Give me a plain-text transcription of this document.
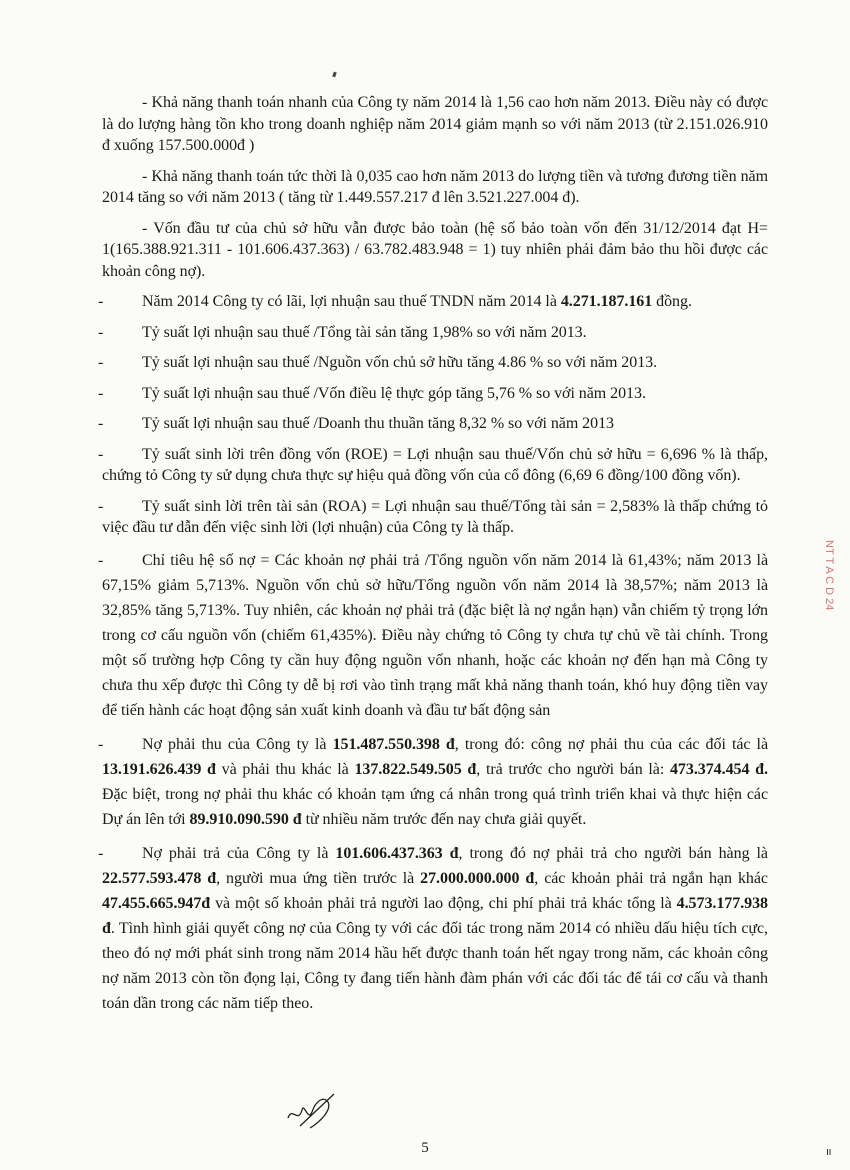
- Khả năng thanh toán nhanh của Công ty năm 2014 là 1,56 cao hơn năm 2013. Điều này có được là do lượng hàng tồn kho trong doanh nghiệp năm 2014 giảm mạnh so với năm 2013 (từ 2.151.026.910 đ xuống 157.500.000đ )

- Khả năng thanh toán tức thời là 0,035 cao hơn năm 2013 do lượng tiền và tương đương tiền năm 2014 tăng so với năm 2013 ( tăng từ 1.449.557.217 đ lên 3.521.227.004 đ).

- Vốn đầu tư của chủ sở hữu vẫn được bảo toàn (hệ số bảo toàn vốn đến 31/12/2014 đạt H= 1(165.388.921.311 - 101.606.437.363) / 63.782.483.948 = 1) tuy nhiên phải đảm bảo thu hồi được các khoản công nợ).

- Năm 2014 Công ty có lãi, lợi nhuận sau thuế TNDN năm 2014 là 4.271.187.161 đồng.

- Tỷ suất lợi nhuận sau thuế /Tổng tài sản tăng 1,98% so với năm 2013.

- Tỷ suất lợi nhuận sau thuế /Nguồn vốn chủ sở hữu tăng 4.86 % so với năm 2013.

- Tỷ suất lợi nhuận sau thuế /Vốn điều lệ thực góp tăng 5,76 % so với năm 2013.

- Tỷ suất lợi nhuận sau thuế /Doanh thu thuần tăng 8,32 % so với năm 2013

- Tỷ suất sinh lời trên đồng vốn (ROE) = Lợi nhuận sau thuế/Vốn chủ sở hữu = 6,696 % là thấp, chứng tỏ Công ty sử dụng chưa thực sự hiệu quả đồng vốn của cổ đông (6,69 6 đồng/100 đồng vốn).

- Tỷ suất sinh lời trên tài sản (ROA) = Lợi nhuận sau thuế/Tổng tài sản = 2,583% là thấp chứng tỏ việc đầu tư dẫn đến việc sinh lời (lợi nhuận) của Công ty là thấp.

- Chỉ tiêu hệ số nợ = Các khoản nợ phải trả /Tổng nguồn vốn năm 2014 là 61,43%; năm 2013 là 67,15% giảm 5,713%. Nguồn vốn chủ sở hữu/Tổng nguồn vốn năm 2014 là 38,57%; năm 2013 là 32,85% tăng 5,713%. Tuy nhiên, các khoản nợ phải trả (đặc biệt là nợ ngắn hạn) vẫn chiếm tỷ trọng lớn trong cơ cấu nguồn vốn (chiếm 61,435%). Điều này chứng tỏ Công ty chưa tự chủ về tài chính. Trong một số trường hợp Công ty cần huy động nguồn vốn nhanh, hoặc các khoản nợ đến hạn mà Công ty chưa thu xếp được thì Công ty dễ bị rơi vào tình trạng mất khả năng thanh toán, khó huy động tiền vay để tiến hành các hoạt động sản xuất kinh doanh và đầu tư bất động sản

- Nợ phải thu của Công ty là 151.487.550.398 đ, trong đó: công nợ phải thu của các đối tác là 13.191.626.439 đ và phải thu khác là 137.822.549.505 đ, trả trước cho người bán là: 473.374.454 đ. Đặc biệt, trong nợ phải thu khác có khoản tạm ứng cá nhân trong quá trình triển khai và thực hiện các Dự án lên tới 89.910.090.590 đ từ nhiều năm trước đến nay chưa giải quyết.

- Nợ phải trả của Công ty là 101.606.437.363 đ, trong đó nợ phải trả cho người bán hàng là 22.577.593.478 đ, người mua ứng tiền trước là 27.000.000.000 đ, các khoản phải trả ngắn hạn khác 47.455.665.947đ và một số khoản phải trả người lao động, chi phí phải trả khác tổng là 4.573.177.938 đ. Tình hình giải quyết công nợ của Công ty với các đối tác trong năm 2014 có nhiều dấu hiệu tích cực, theo đó nợ mới phát sinh trong năm 2014 hầu hết được thanh toán hết ngay trong năm, các khoản công nợ năm 2013 còn tồn đọng lại, Công ty đang tiến hành đàm phán với các đối tác để tái cơ cấu và thanh toán dần trong các năm tiếp theo.

5
NT T A C D 24
